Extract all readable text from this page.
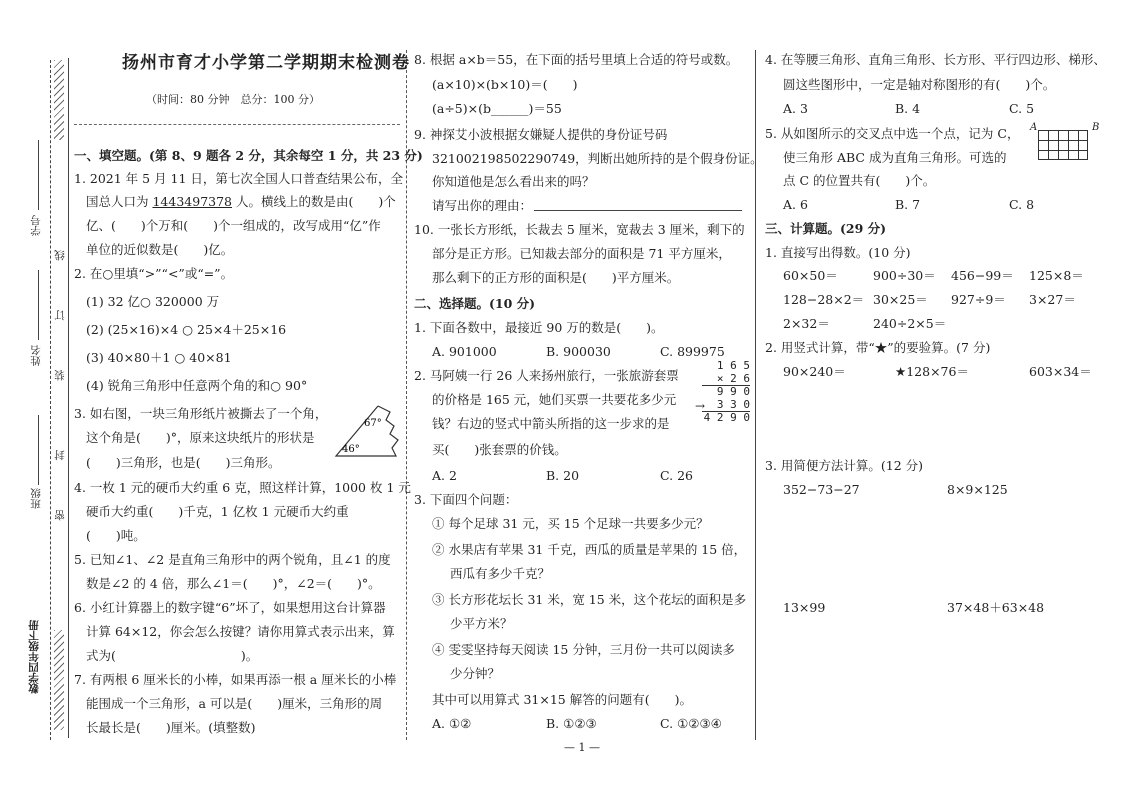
学号
姓名
班级
数学四年级下册
线
订
装
封
密
扬州市育才小学第二学期期末检测卷
（时间：80 分钟　总分：100 分）
一、填空题。(第 8、9 题各 2 分，其余每空 1 分，共 23 分)
1. 2021 年 5 月 11 日，第七次全国人口普查结果公布，全
国总人口为 1443497378 人。横线上的数是由(　　)个
亿、(　　)个万和(　　)个一组成的，改写成用“亿”作
单位的近似数是(　　)亿。
2. 在○里填“>”“<”或“=”。
(1) 32 亿○ 320000 万
(2) (25×16)×4 ○ 25×4＋25×16
(3) 40×80＋1 ○ 40×81
(4) 锐角三角形中任意两个角的和○ 90°
3. 如右图，一块三角形纸片被撕去了一个角，
这个角是(　　)°，原来这块纸片的形状是
(　　)三角形，也是(　　)三角形。
67°
46°
4. 一枚 1 元的硬币大约重 6 克，照这样计算，1000 枚 1 元
硬币大约重(　　)千克，1 亿枚 1 元硬币大约重
(　　)吨。
5. 已知∠1、∠2 是直角三角形中的两个锐角，且∠1 的度
数是∠2 的 4 倍，那么∠1＝(　　)°，∠2＝(　　)°。
6. 小红计算器上的数字键“6”坏了，如果想用这台计算器
计算 64×12，你会怎么按键？请你用算式表示出来，算
式为(　　　　　　　　　　)。
7. 有两根 6 厘米长的小棒，如果再添一根 a 厘米长的小棒
能围成一个三角形，a 可以是(　　)厘米，三角形的周
长最长是(　　)厘米。(填整数)
8. 根据 a×b＝55，在下面的括号里填上合适的符号或数。
(a×10)×(b×10)＝(　　)
(a÷5)×(b______)＝55
9. 神探艾小波根据女嫌疑人提供的身份证号码
321002198502290749，判断出她所持的是个假身份证。
你知道他是怎么看出来的吗？
请写出你的理由：
10. 一张长方形纸，长裁去 5 厘米，宽裁去 3 厘米，剩下的
部分是正方形。已知裁去部分的面积是 71 平方厘米，
那么剩下的正方形的面积是(　　)平方厘米。
二、选择题。(10 分)
1. 下面各数中，最接近 90 万的数是(　　)。
A. 901000	B. 900030	C. 899975
2. 马阿姨一行 26 人来扬州旅行，一张旅游套票
的价格是 165 元，她们买票一共要花多少元
钱？右边的竖式中箭头所指的这一步求的是
买(　　)张套票的价钱。
1 6 5
× 2 6
9 9 0
3 3 0
4 2 9 0
→
A. 2	B. 20	C. 26
3. 下面四个问题：
① 每个足球 31 元，买 15 个足球一共要多少元？
② 水果店有苹果 31 千克，西瓜的质量是苹果的 15 倍，
西瓜有多少千克？
③ 长方形花坛长 31 米，宽 15 米，这个花坛的面积是多
少平方米？
④ 雯雯坚持每天阅读 15 分钟，三月份一共可以阅读多
少分钟？
其中可以用算式 31×15 解答的问题有(　　)。
A. ①②	B. ①②③	C. ①②③④
— 1 —
4. 在等腰三角形、直角三角形、长方形、平行四边形、梯形、
圆这些图形中，一定是轴对称图形的有(　　)个。
A. 3	B. 4	C. 5
5. 从如图所示的交叉点中选一个点，记为 C，
使三角形 ABC 成为直角三角形。可选的
点 C 的位置共有(　　)个。
A	B
A. 6	B. 7	C. 8
三、计算题。(29 分)
1. 直接写出得数。(10 分)
60×50＝	900÷30＝ 456−99＝ 125×8＝
128−28×2＝ 30×25＝ 927÷9＝ 3×27＝
2×32＝	240÷2×5＝
2. 用竖式计算，带“★”的要验算。(7 分)
90×240＝	★128×76＝	603×34＝
3. 用简便方法计算。(12 分)
352−73−27	8×9×125
13×99	37×48＋63×48
